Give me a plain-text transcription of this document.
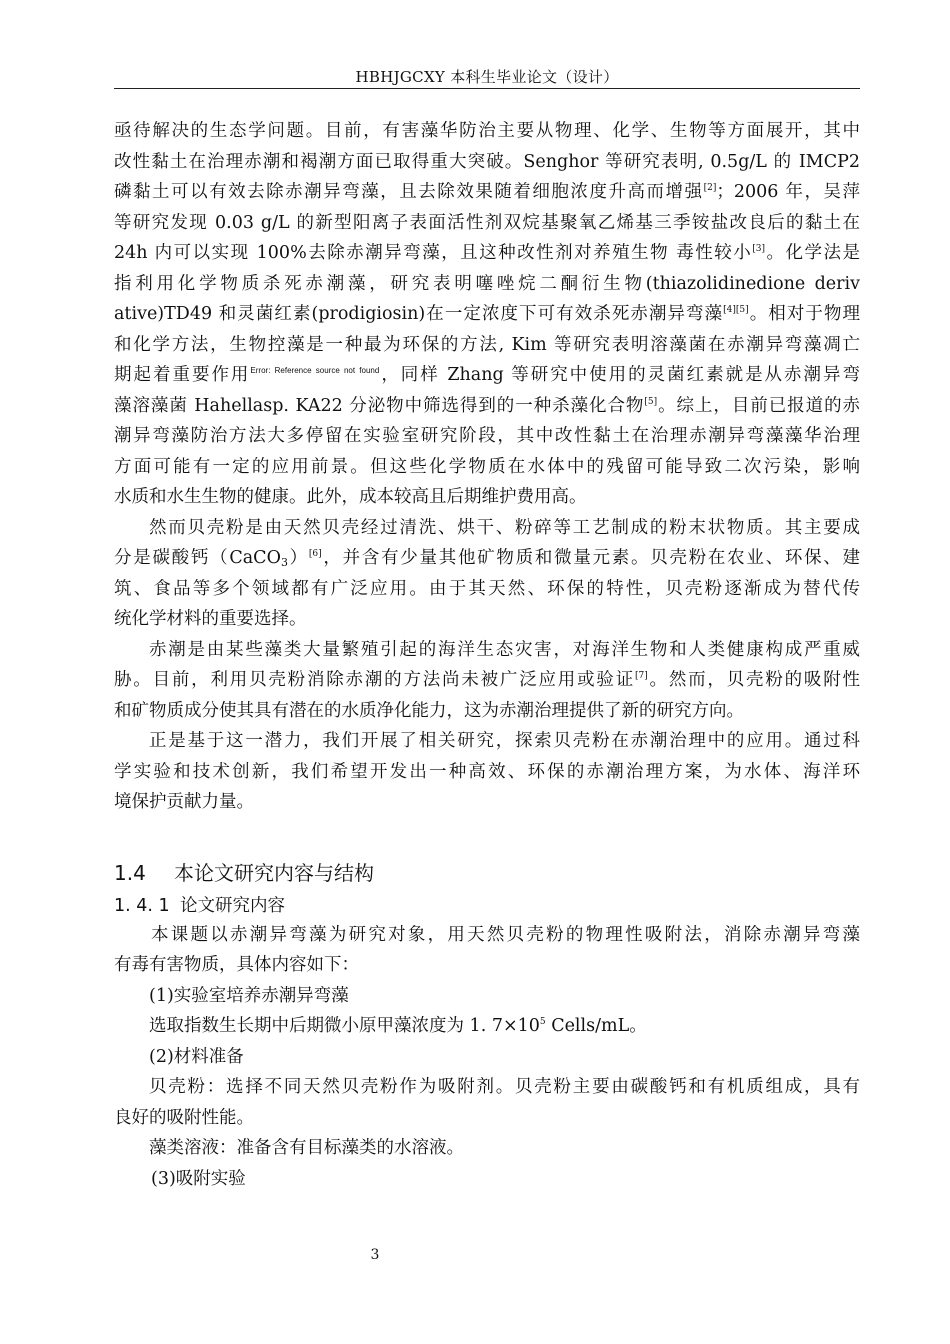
HBHJGCXY 本科生毕业论文（设计）

亟待解决的生态学问题。目前，有害藻华防治主要从物理、化学、生物等方面展开，其中
改性黏土在治理赤潮和褐潮方面已取得重大突破。Senghor 等研究表明, 0.5g/L 的 IMCP2
磷黏土可以有效去除赤潮异弯藻，且去除效果随着细胞浓度升高而增强[2]；2006 年，吴萍
等研究发现 0.03 g/L 的新型阳离子表面活性剂双烷基聚氧乙烯基三季铵盐改良后的黏土在
24h 内可以实现 100%去除赤潮异弯藻，且这种改性剂对养殖生物 毒性较小[3]。化学法是
指利用化学物质杀死赤潮藻，研究表明噻唑烷二酮衍生物(thiazolidinedione deriv
ative)TD49 和灵菌红素(prodigiosin)在一定浓度下可有效杀死赤潮异弯藻[4][5]。相对于物理
和化学方法，生物控藻是一种最为环保的方法, Kim 等研究表明溶藻菌在赤潮异弯藻凋亡
期起着重要作用$^{Error: Reference source not found}$，同样 Zhang 等研究中使用的灵菌红素就是从赤潮异弯
藻溶藻菌 Hahellasp. KA22 分泌物中筛选得到的一种杀藻化合物[5]。综上，目前已报道的赤
潮异弯藻防治方法大多停留在实验室研究阶段，其中改性黏土在治理赤潮异弯藻藻华治理
方面可能有一定的应用前景。但这些化学物质在水体中的残留可能导致二次污染，影响
水质和水生生物的健康。此外，成本较高且后期维护费用高。

然而贝壳粉是由天然贝壳经过清洗、烘干、粉碎等工艺制成的粉末状物质。其主要成
分是碳酸钙（CaCO$_3$）[6]，并含有少量其他矿物质和微量元素。贝壳粉在农业、环保、建
筑、食品等多个领域都有广泛应用。由于其天然、环保的特性，贝壳粉逐渐成为替代传
统化学材料的重要选择。

赤潮是由某些藻类大量繁殖引起的海洋生态灾害，对海洋生物和人类健康构成严重威
胁。目前，利用贝壳粉消除赤潮的方法尚未被广泛应用或验证[7]。然而，贝壳粉的吸附性
和矿物质成分使其具有潜在的水质净化能力，这为赤潮治理提供了新的研究方向。

正是基于这一潜力，我们开展了相关研究，探索贝壳粉在赤潮治理中的应用。通过科
学实验和技术创新，我们希望开发出一种高效、环保的赤潮治理方案，为水体、海洋环
境保护贡献力量。

1.4 本论文研究内容与结构
1. 4. 1 论文研究内容

本课题以赤潮异弯藻为研究对象，用天然贝壳粉的物理性吸附法，消除赤潮异弯藻
有毒有害物质，具体内容如下：

(1)实验室培养赤潮异弯藻

选取指数生长期中后期微小原甲藻浓度为 1. $7\times 10^5$ Cells/mL。

(2)材料准备

贝壳粉：选择不同天然贝壳粉作为吸附剂。贝壳粉主要由碳酸钙和有机质组成，具有
良好的吸附性能。

藻类溶液：准备含有目标藻类的水溶液。

(3)吸附实验

3
